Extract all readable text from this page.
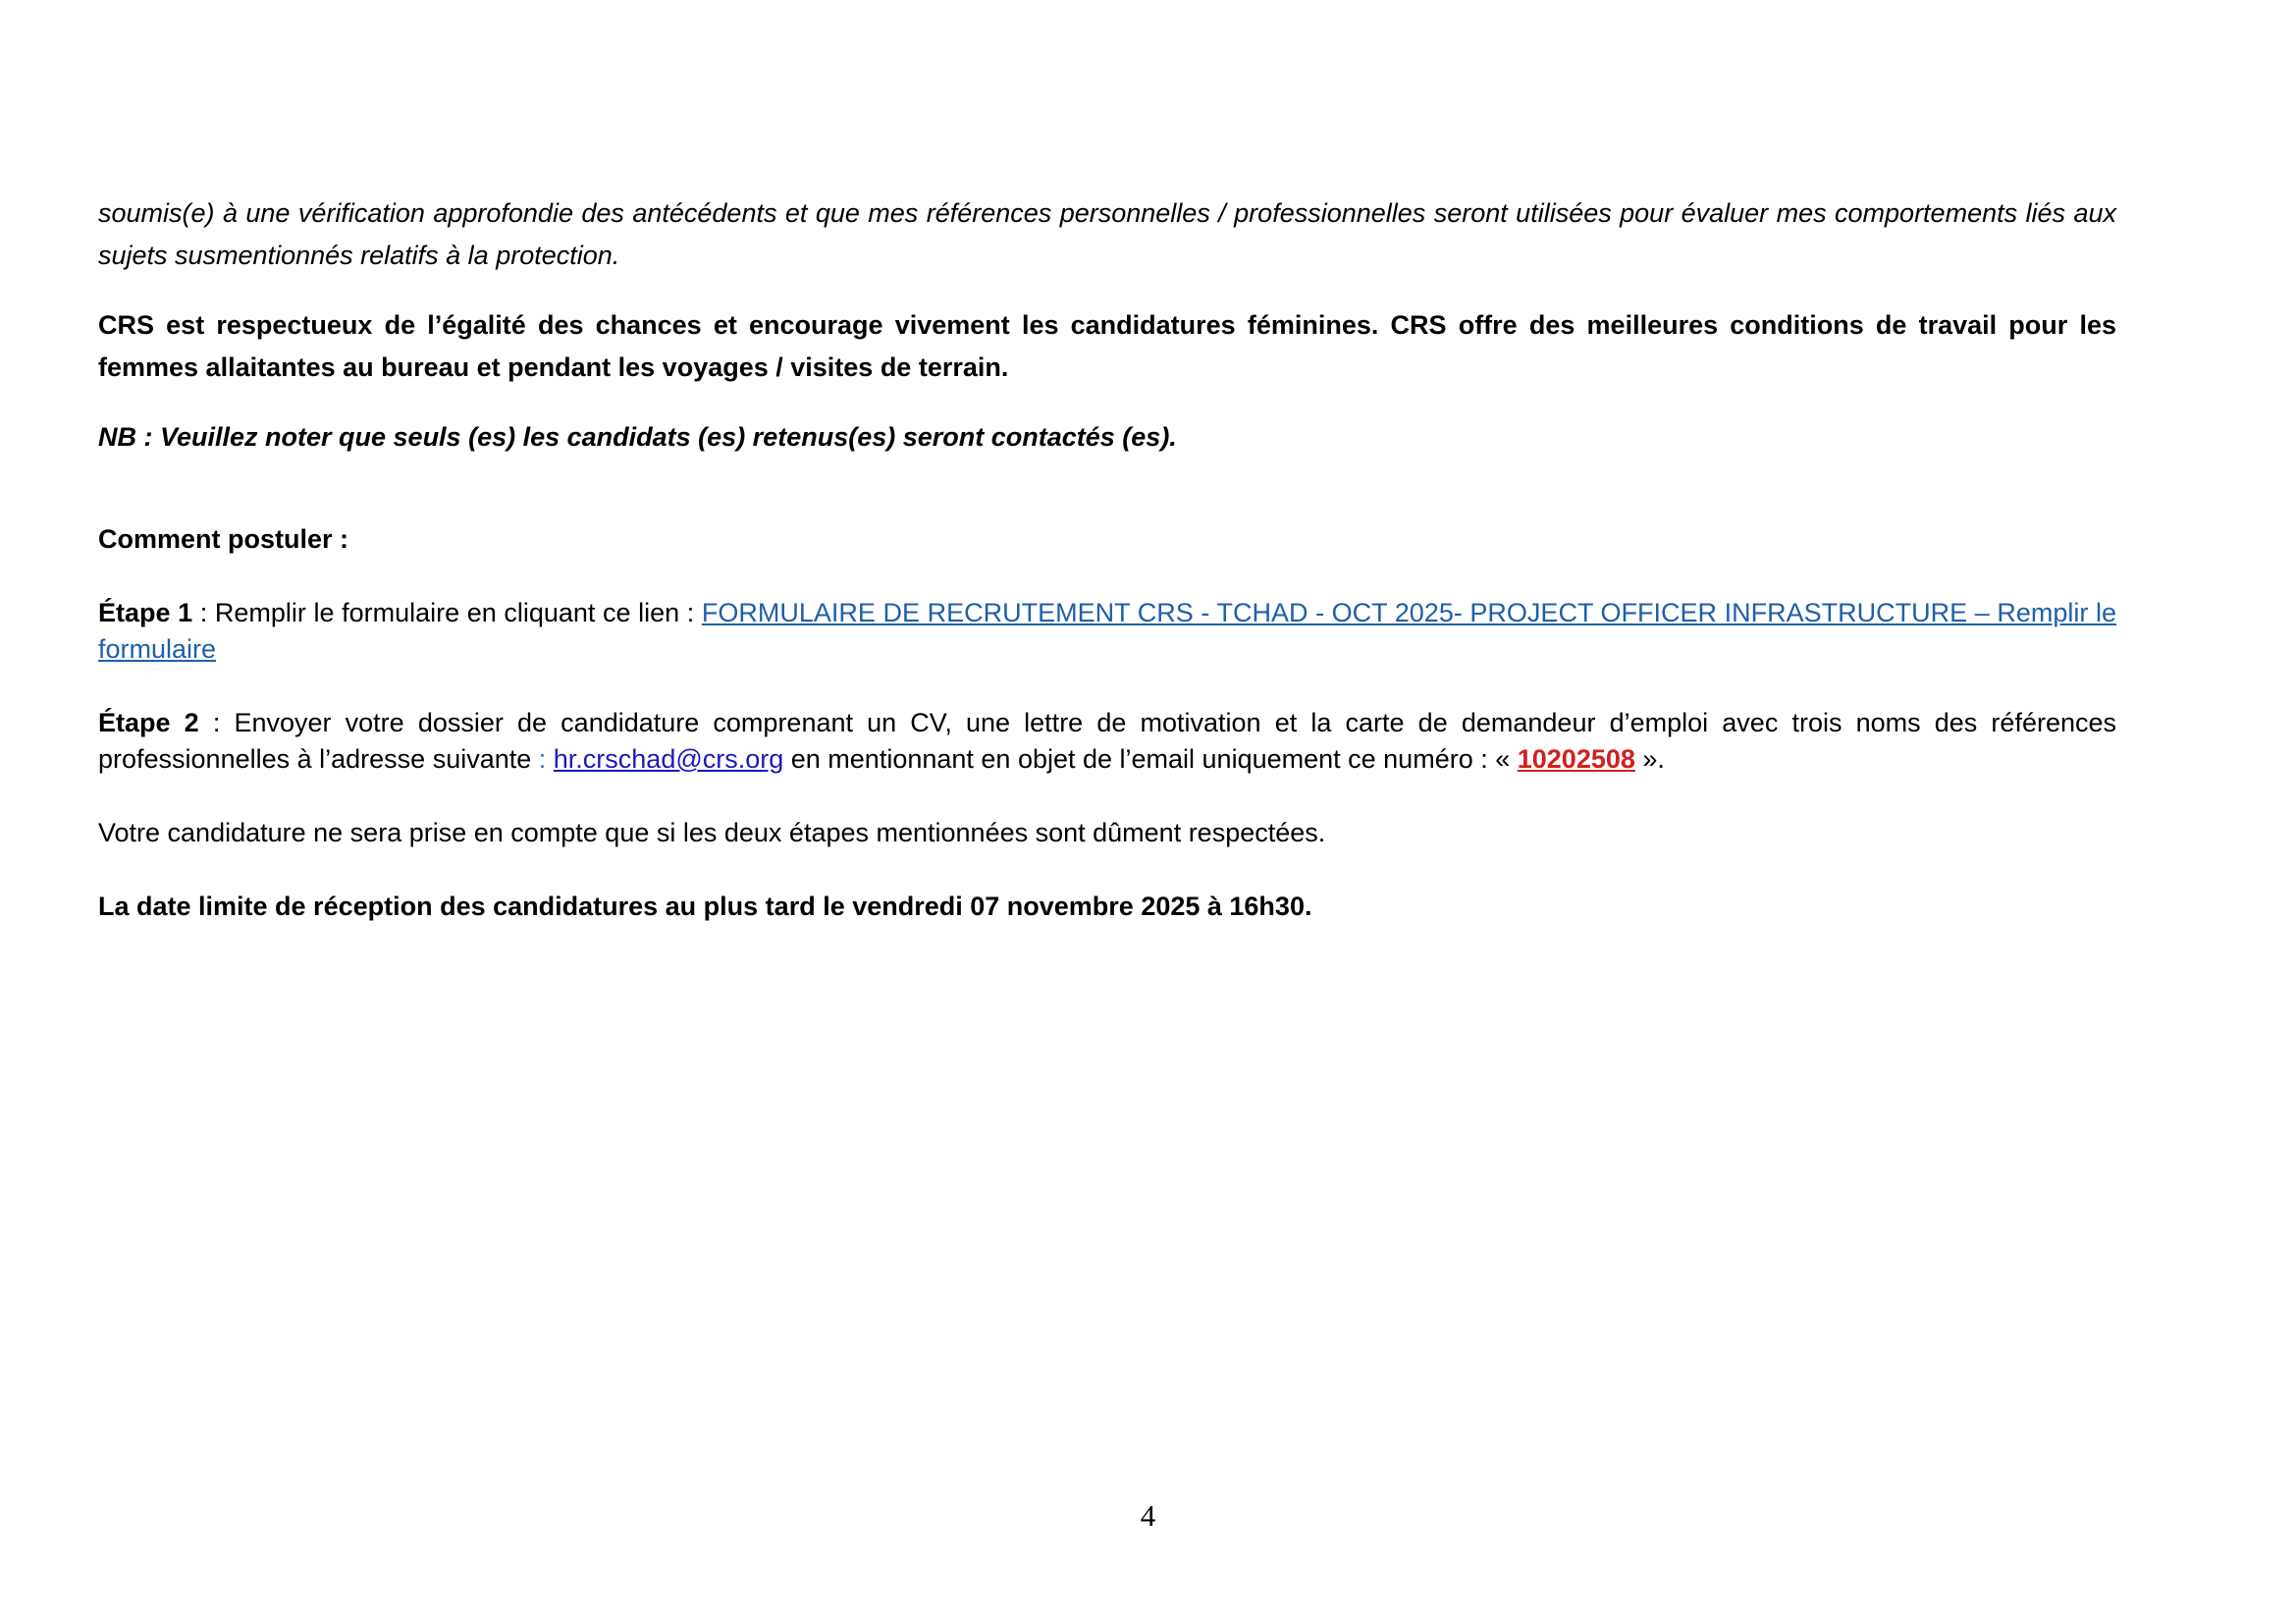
soumis(e) à une vérification approfondie des antécédents et que mes références personnelles / professionnelles seront utilisées pour évaluer mes comportements liés aux sujets susmentionnés relatifs à la protection.

CRS est respectueux de l’égalité des chances et encourage vivement les candidatures féminines. CRS offre des meilleures conditions de travail pour les femmes allaitantes au bureau et pendant les voyages / visites de terrain.

NB : Veuillez noter que seuls (es) les candidats (es) retenus(es) seront contactés (es).

Comment postuler :

Étape 1 : Remplir le formulaire en cliquant ce lien : FORMULAIRE DE RECRUTEMENT CRS - TCHAD - OCT 2025- PROJECT OFFICER INFRASTRUCTURE – Remplir le formulaire

Étape 2 : Envoyer votre dossier de candidature comprenant un CV, une lettre de motivation et la carte de demandeur d’emploi avec trois noms des références professionnelles à l’adresse suivante : hr.crschad@crs.org en mentionnant en objet de l’email uniquement ce numéro : « 10202508 ».

Votre candidature ne sera prise en compte que si les deux étapes mentionnées sont dûment respectées.

La date limite de réception des candidatures au plus tard le vendredi 07 novembre 2025 à 16h30.

4
